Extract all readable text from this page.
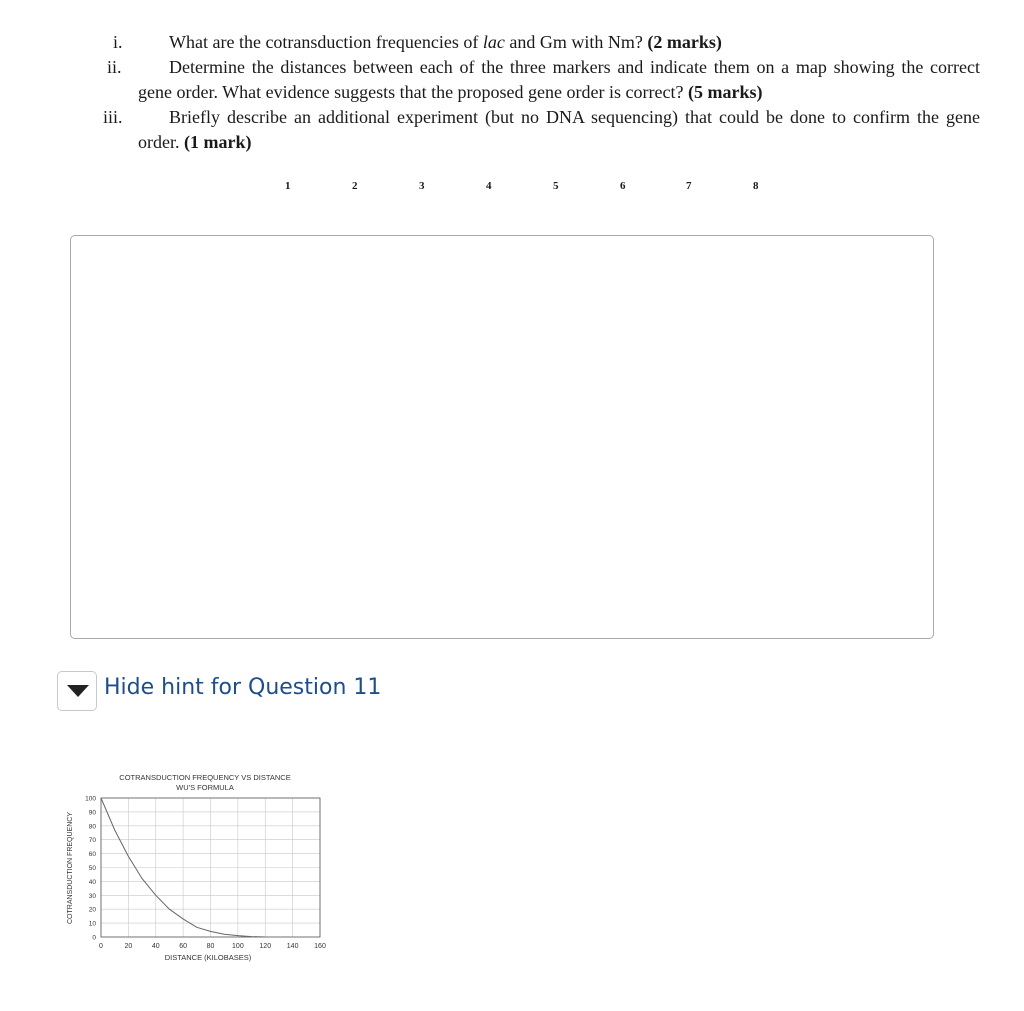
i.	What are the cotransduction frequencies of lac and Gm with Nm? (2 marks)
ii.	Determine the distances between each of the three markers and indicate them on a map showing the correct gene order. What evidence suggests that the proposed gene order is correct? (5 marks)
iii.	Briefly describe an additional experiment (but no DNA sequencing) that could be done to confirm the gene order. (1 mark)
1	2	3	4	5	6	7	8
Hide hint for Question 11
0	20	40	60	80	100 120 140 160
0
10
20
30
40
50
60
70
80
90
100
COTRANSDUCTION FREQUENCY VS DISTANCE
WU'S FORMULA
DISTANCE (KILOBASES)
COTRANSDUCTION FREQUENCY
